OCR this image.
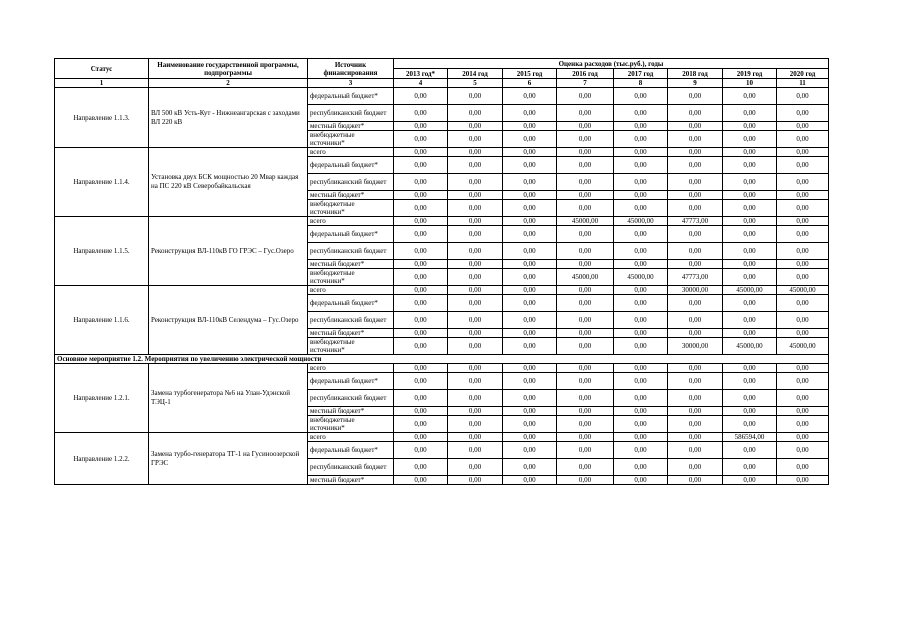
Статус	Наименование государственной программы, подпрограммы	Источник финансирования	Оценка расходов (тыс.руб.), годы							
			2013 год*	2014 год	2015 год	2016 год	2017 год	2018 год	2019 год	2020 год
1	2	3	4	5	6	7	8	9	10	11
Направление 1.1.3.	ВЛ 500 кВ Усть-Кут - Нижнеангарская с заходами ВЛ 220 кВ	федеральный бюджет*	0,00	0,00	0,00	0,00	0,00	0,00	0,00	0,00
		республиканский бюджет	0,00	0,00	0,00	0,00	0,00	0,00	0,00	0,00
		местный бюджет*	0,00	0,00	0,00	0,00	0,00	0,00	0,00	0,00
		внебюджетные источники*	0,00	0,00	0,00	0,00	0,00	0,00	0,00	0,00
Направление 1.1.4.	Установка двух БСК мощностью 20 Мвар каждая на ПС 220 кВ Северобайкальская	всего	0,00	0,00	0,00	0,00	0,00	0,00	0,00	0,00
		федеральный бюджет*	0,00	0,00	0,00	0,00	0,00	0,00	0,00	0,00
		республиканский бюджет	0,00	0,00	0,00	0,00	0,00	0,00	0,00	0,00
		местный бюджет*	0,00	0,00	0,00	0,00	0,00	0,00	0,00	0,00
		внебюджетные источники*	0,00	0,00	0,00	0,00	0,00	0,00	0,00	0,00
Направление 1.1.5.	Реконструкция ВЛ-110кВ ГО ГРЭС – Гус.Озеро	всего	0,00	0,00	0,00	45000,00	45000,00	47773,00	0,00	0,00
		федеральный бюджет*	0,00	0,00	0,00	0,00	0,00	0,00	0,00	0,00
		республиканский бюджет	0,00	0,00	0,00	0,00	0,00	0,00	0,00	0,00
		местный бюджет*	0,00	0,00	0,00	0,00	0,00	0,00	0,00	0,00
		внебюджетные источники*	0,00	0,00	0,00	45000,00	45000,00	47773,00	0,00	0,00
Направление 1.1.6.	Реконструкция ВЛ-110кВ Селендума – Гус.Озеро	всего	0,00	0,00	0,00	0,00	0,00	30000,00	45000,00	45000,00
		федеральный бюджет*	0,00	0,00	0,00	0,00	0,00	0,00	0,00	0,00
		республиканский бюджет	0,00	0,00	0,00	0,00	0,00	0,00	0,00	0,00
		местный бюджет*	0,00	0,00	0,00	0,00	0,00	0,00	0,00	0,00
		внебюджетные источники*	0,00	0,00	0,00	0,00	0,00	30000,00	45000,00	45000,00
Основное мероприятие 1.2. Мероприятия по увеличению электрической мощности										
Направление 1.2.1.	Замена турбогенератора №6 на Улан-Удэнской ТЭЦ-1	всего	0,00	0,00	0,00	0,00	0,00	0,00	0,00	0,00
		федеральный бюджет*	0,00	0,00	0,00	0,00	0,00	0,00	0,00	0,00
		республиканский бюджет	0,00	0,00	0,00	0,00	0,00	0,00	0,00	0,00
		местный бюджет*	0,00	0,00	0,00	0,00	0,00	0,00	0,00	0,00
		внебюджетные источники*	0,00	0,00	0,00	0,00	0,00	0,00	0,00	0,00
Направление 1.2.2.	Замена турбо-генератора ТГ-1 на Гусиноозерской ГРЭС	всего	0,00	0,00	0,00	0,00	0,00	0,00	586594,00	0,00
		федеральный бюджет*	0,00	0,00	0,00	0,00	0,00	0,00	0,00	0,00
		республиканский бюджет	0,00	0,00	0,00	0,00	0,00	0,00	0,00	0,00
		местный бюджет*	0,00	0,00	0,00	0,00	0,00	0,00	0,00	0,00
